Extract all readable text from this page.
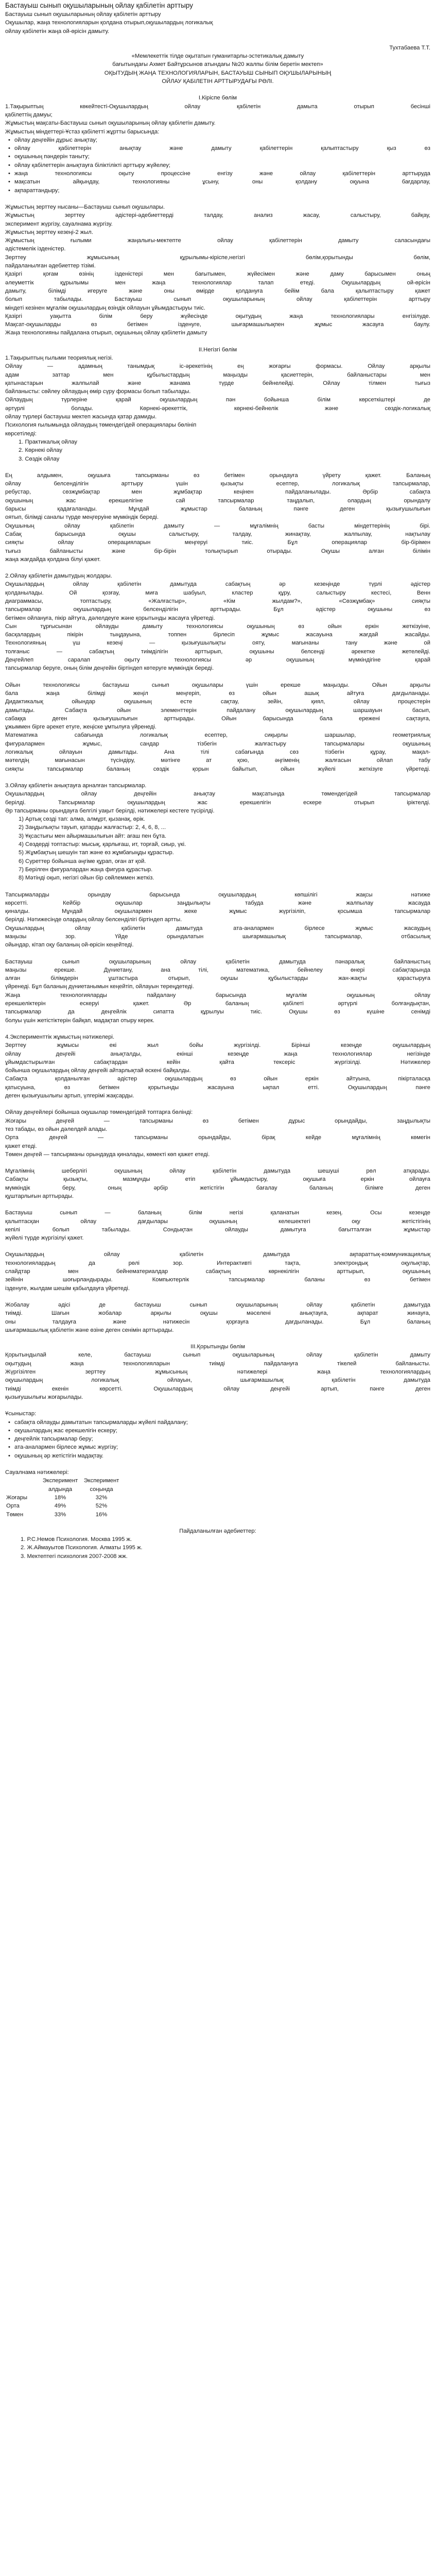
Бастауыш сынып оқушыларының ойлау қабілетін арттыру
Бастауыш сынып оқушыларының ойлау қабілетін арттыру
Оқушылар, жаңа технологияларын қолдана отырып,оқушылардың логикалық
ойлау қабілетін жаңа ой-өрісін дамыту.
Тухтабаева Т.Т.
«Мемлекеттік тілде оқытатын гуманитарлы-эстетикалық дамыту
бағытындағы Ахмет Байтұрсынов атындағы №20 жалпы білім беретін мектеп»
ОҚЫТУДЫҢ ЖАҢА ТЕХНОЛОГИЯЛАРЫН, БАСТАУЫШ СЫНЫП ОҚУШЫЛАРЫНЫҢ
ОЙЛАУ ҚАБІЛЕТІН АРТТЫРУДАҒЫ РӨЛІ.
І.Кіріспе бөлім
1.Тақырыптың көкейтесті-Оқушылардың ойлау қабілетін дамыта отырып бесінші
қабілеттің дамуы;
Жұмыстың мақсаты-Бастауыш сынып оқушыларының ойлау қабілетін дамыту.
Жұмыстың міндеттері-Ұстаз қабілетті жұртты барысында:
• ойлау деңгейін дұрыс анықтау;
• ойлау қабілеттерін анықтау және дамыту қабілеттерін қалыптастыру қыз өз
• оқушының пәндерін таныту;
• ойлау қабілеттерін анықтауға біліктілікті арттыру жүйелеу;
• жаңа технологиясы оқыту процессіне енгізу және ойлау қабілеттерін арттыруда
• мақсатын айқындау, технологияны ұсыну, оны қолдану оқуына бағдарлау,
• ақпараттандыру;
Жұмыстың зерттеу нысаны—Бастауыш сынып оқушылары.
Жұмыстың зерттеу әдістері-әдебиеттерді талдау, анализ жасау, салыстыру, байқау,
эксперимент жүргізу, сауалнама жүргізу.
Жұмыстың зерттеу кезеңі-2 жыл.
Жұмыстың ғылыми жаңалығы-мектепте ойлау қабілеттерін дамыту саласындағы
әдістемелік ізденістер.
Зерттеу жұмысының құрылымы-кіріспе,негізгі бөлім,қорытынды бөлім,
пайдаланылған әдебиеттер тізімі.
Қазіргі қоғам өзінің ізденістері мен бағытымен, жүйесімен және даму барысымен оның
әлеуметтік құрылымы мен жаңа технологиялар талап етеді. Оқушылардың ой-өрісін
дамыту, білімді игеруге және оны өмірде қолдануға бейім бала қалыптастыру қажет
болып табылады. Бастауыш сынып оқушыларының ойлау қабілеттерін арттыру
міндеті кезінен мұғалім оқушылардың өзіндік ойлауын ұйымдастыруы тиіс.
Қазіргі уақытта білім беру жүйесінде оқытудың жаңа технологиялары енгізілуде.
Мақсат-оқушыларды өз бетімен ізденуге, шығармашылықпен жұмыс жасауға баулу.
Жаңа технологияны пайдалана отырып, оқушының ойлау қабілетін дамыту
ІІ.Негізгі бөлім
1.Тақырыптың ғылыми теориялық негізі.
Ойлау — адамның танымдық іс-әрекетінің ең жоғарғы формасы. Ойлау арқылы
адам заттар мен құбылыстардың маңызды қасиеттерін, байланыстары мен
қатынастарын жалпылай және жанама түрде бейнелейді. Ойлау тілмен тығыз
байланысты: сөйлеу ойлаудың өмір сүру формасы болып табылады.
Ойлаудың түрлеріне қарай оқушылардың пән бойынша білім көрсеткіштері де
әртүрлі болады. Көрнекі-әрекеттік, көрнекі-бейнелік және сөздік-логикалық
ойлау түрлері бастауыш мектеп жасында қатар дамиды.
Психология ғылымында ойлаудың төмендегідей операциялары бөлініп
көрсетіледі:
1. Практикалық ойлау
2. Көрнекі ойлау
3. Сөздік ойлау
Ең алдымен, оқушыға тапсырманы өз бетімен орындауға үйрету қажет. Баланың
ойлау белсенділігін арттыру үшін қызықты есептер, логикалық тапсырмалар,
ребустар, сөзжұмбақтар мен жұмбақтар кеңінен пайдаланылады. Әрбір сабақта
оқушының жас ерекшелігіне сай тапсырмалар таңдалып, олардың орындалу
барысы қадағаланады. Мұндай жұмыстар баланың пәнге деген қызығушылығын
оятып, білімді саналы түрде меңгеруіне мүмкіндік береді.
Оқушының ойлау қабілетін дамыту — мұғалімнің басты міндеттерінің бірі.
Сабақ барысында оқушы салыстыру, талдау, жинақтау, жалпылау, нақтылау
сияқты ойлау операцияларын меңгеруі тиіс. Бұл операциялар бір-бірімен
тығыз байланысты және бір-бірін толықтырып отырады. Оқушы алған білімін
жаңа жағдайда қолдана білуі қажет.
2.Ойлау қабілетін дамытудың жолдары.
Оқушылардың ойлау қабілетін дамытуда сабақтың әр кезеңінде түрлі әдістер
қолданылады. Ой қозғау, миға шабуыл, кластер құру, салыстыру кестесі, Венн
диаграммасы, топтастыру, «Жалғастыр», «Кім жылдам?», «Сөзжұмбақ» сияқты
тапсырмалар оқушылардың белсенділігін арттырады. Бұл әдістер оқушыны өз
бетімен ойлануға, пікір айтуға, дәлелдеуге және қорытынды жасауға үйретеді.
Сын тұрғысынан ойлауды дамыту технологиясы оқушының өз ойын еркін жеткізуіне,
басқалардың пікірін тыңдауына, топпен бірлесіп жұмыс жасауына жағдай жасайды.
Технологияның үш кезеңі — қызығушылықты ояту, мағынаны тану және ой
толғаныс — сабақтың тиімділігін арттырып, оқушыны белсенді әрекетке жетелейді.
Деңгейлеп саралап оқыту технологиясы әр оқушының мүмкіндігіне қарай
тапсырмалар беруге, оның білім деңгейін біртіндеп көтеруге мүмкіндік береді.
Ойын технологиясы бастауыш сынып оқушылары үшін ерекше маңызды. Ойын арқылы
бала жаңа білімді жеңіл меңгеріп, өз ойын ашық айтуға дағдыланады.
Дидактикалық ойындар оқушының есте сақтау, зейін, қиял, ойлау процестерін
дамытады. Сабақта ойын элементтерін пайдалану оқушылардың шаршауын басып,
сабаққа деген қызығушылығын арттырады. Ойын барысында бала ережені сақтауға,
ұжыммен бірге әрекет етуге, жеңіске ұмтылуға үйренеді.
Математика сабағында логикалық есептер, сиқырлы шаршылар, геометриялық
фигуралармен жұмыс, сандар тізбегін жалғастыру тапсырмалары оқушының
логикалық ойлауын дамытады. Ана тілі сабағында сөз тізбегін құрау, мақал-
мәтелдің мағынасын түсіндіру, мәтінге ат қою, әңгіменің жалғасын ойлап табу
сияқты тапсырмалар баланың сөздік қорын байытып, ойын жүйелі жеткізуге үйретеді.
3.Ойлау қабілетін анықтауға арналған тапсырмалар.
Оқушылардың ойлау деңгейін анықтау мақсатында төмендегідей тапсырмалар
берілді. Тапсырмалар оқушылардың жас ерекшелігін ескере отырып іріктелді.
Әр тапсырманы орындауға белгілі уақыт берілді, нәтижелері кестеге түсірілді.
1) Артық сөзді тап: алма, алмұрт, қызанақ, өрік.
2) Заңдылықты тауып, қатарды жалғастыр: 2, 4, 6, 8, ...
3) Ұқсастығы мен айырмашылығын айт: ағаш пен бұта.
4) Сөздерді топтастыр: мысық, қарлығаш, ит, торғай, сиыр, үкі.
5) Жұмбақтың шешуін тап және өз жұмбағыңды құрастыр.
6) Суреттер бойынша әңгіме құрап, оған ат қой.
7) Берілген фигуралардан жаңа фигура құрастыр.
8) Мәтінді оқып, негізгі ойын бір сөйлеммен жеткіз.
Тапсырмаларды орындау барысында оқушылардың көпшілігі жақсы нәтиже
көрсетті. Кейбір оқушылар заңдылықты табуда және жалпылау жасауда
қиналды. Мұндай оқушылармен жеке жұмыс жүргізіліп, қосымша тапсырмалар
берілді. Нәтижесінде олардың ойлау белсенділігі біртіндеп артты.
Оқушылардың ойлау қабілетін дамытуда ата-аналармен бірлесе жұмыс жасаудың
маңызы зор. Үйде орындалатын шығармашылық тапсырмалар, отбасылық
ойындар, кітап оқу баланың ой-өрісін кеңейтеді.
Бастауыш сынып оқушыларының ойлау қабілетін дамытуда пәнаралық байланыстың
маңызы ерекше. Дүниетану, ана тілі, математика, бейнелеу өнері сабақтарында
алған білімдерін ұштастыра отырып, оқушы құбылыстарды жан-жақты қарастыруға
үйренеді. Бұл баланың дүниетанымын кеңейтіп, ойлауын тереңдетеді.
Жаңа технологияларды пайдалану барысында мұғалім оқушының ойлау
ерекшеліктерін ескеруі қажет. Әр баланың қабілеті әртүрлі болғандықтан,
тапсырмалар да деңгейлік сипатта құрылуы тиіс. Оқушы өз күшіне сенімді
болуы үшін жетістіктерін байқап, мадақтап отыру керек.
4.Эксперименттік жұмыстың нәтижелері.
Зерттеу жұмысы екі жыл бойы жүргізілді. Бірінші кезеңде оқушылардың
ойлау деңгейі анықталды, екінші кезеңде жаңа технологиялар негізінде
ұйымдастырылған сабақтардан кейін қайта тексеріс жүргізілді. Нәтижелер
бойынша оқушылардың ойлау деңгейі айтарлықтай өскені байқалды.
Сабақта қолданылған әдістер оқушылардың өз ойын еркін айтуына, пікірталасқа
қатысуына, өз бетімен қорытынды жасауына ықпал етті. Оқушылардың пәнге
деген қызығушылығы артып, үлгерімі жақсарды.
Ойлау деңгейлері бойынша оқушылар төмендегідей топтарға бөлінді:
Жоғары деңгей — тапсырманы өз бетімен дұрыс орындайды, заңдылықты
тез табады, өз ойын дәлелдей алады.
Орта деңгей — тапсырманы орындайды, бірақ кейде мұғалімнің көмегін
қажет етеді.
Төмен деңгей — тапсырманы орындауда қиналады, көмекті көп қажет етеді.
Мұғалімнің шеберлігі оқушының ойлау қабілетін дамытуда шешуші рөл атқарады.
Сабақты қызықты, мазмұнды етіп ұйымдастыру, оқушыға еркін ойлауға
мүмкіндік беру, оның әрбір жетістігін бағалау баланың білімге деген
құштарлығын арттырады.
Бастауыш сынып — баланың білім негізі қаланатын кезең. Осы кезеңде
қалыптасқан ойлау дағдылары оқушының келешектегі оқу жетістігінің
кепілі болып табылады. Сондықтан ойлауды дамытуға бағытталған жұмыстар
жүйелі түрде жүргізілуі қажет.
Оқушылардың ойлау қабілетін дамытуда ақпараттық-коммуникациялық
технологиялардың да рөлі зор. Интерактивті тақта, электрондық оқулықтар,
слайдтар мен бейнематериалдар сабақтың көрнекілігін арттырып, оқушының
зейінін шоғырландырады. Компьютерлік тапсырмалар баланы өз бетімен
ізденуге, жылдам шешім қабылдауға үйретеді.
Жобалау әдісі де бастауыш сынып оқушыларының ойлау қабілетін дамытуда
тиімді. Шағын жобалар арқылы оқушы мәселені анықтауға, ақпарат жинауға,
оны талдауға және нәтижесін қорғауға дағдыланады. Бұл баланың
шығармашылық қабілетін және өзіне деген сенімін арттырады.
III.Қорытынды бөлім
Қорытындылай келе, бастауыш сынып оқушыларының ойлау қабілетін дамыту
оқытудың жаңа технологияларын тиімді пайдалануға тікелей байланысты.
Жүргізілген зерттеу жұмысының нәтижелері жаңа технологиялардың
оқушылардың логикалық ойлауын, шығармашылық қабілетін дамытуда
тиімді екенін көрсетті. Оқушылардың ойлау деңгейі артып, пәнге деген
қызығушылығы жоғарылады.
Ұсыныстар:
• сабақта ойлауды дамытатын тапсырмаларды жүйелі пайдалану;
• оқушылардың жас ерекшелігін ескеру;
• деңгейлік тапсырмалар беру;
• ата-аналармен бірлесе жұмыс жүргізу;
• оқушының әр жетістігін мадақтау.
Сауалнама нәтижелері:
	Эксперимент	Эксперимент
	алдында	соңында
Жоғары	18%	32%
Орта	49%	52%
Төмен	33%	16%
Пайдаланылған әдебиеттер:
1. Р.С.Немов Психология. Москва 1995 ж.
2. Ж.Аймауытов Психология. Алматы 1995 ж.
3. Мектептегі психология 2007-2008 жж.
